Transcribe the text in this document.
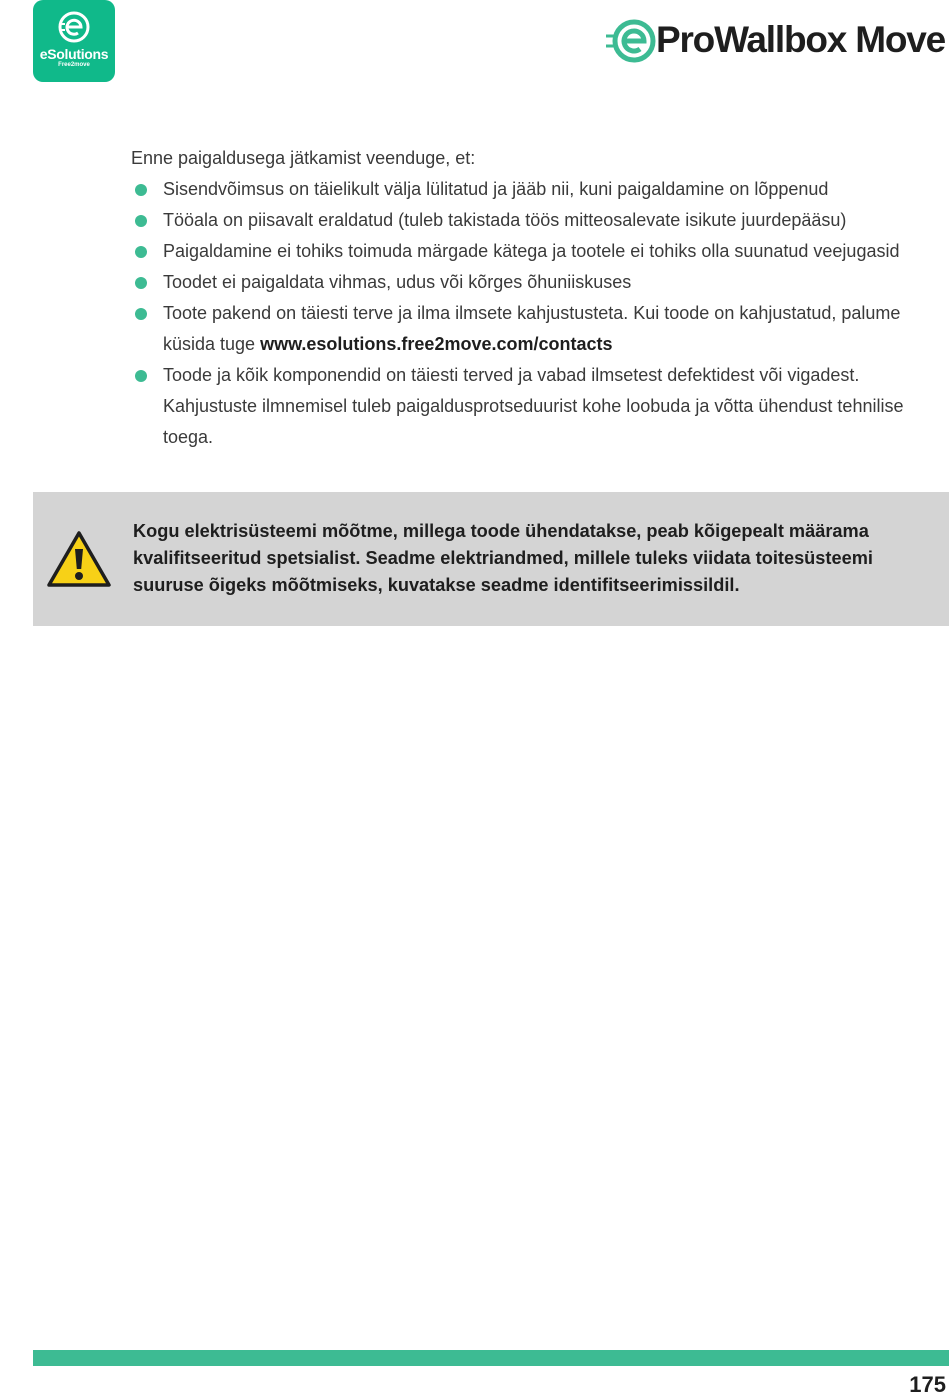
eSolutions
Free2move
ProWallbox Move

Enne paigaldusega jätkamist veenduge, et:

Sisendvõimsus on täielikult välja lülitatud ja jääb nii, kuni paigaldamine on lõppenud
Tööala on piisavalt eraldatud (tuleb takistada töös mitteosalevate isikute juurdepääsu)
Paigaldamine ei tohiks toimuda märgade kätega ja tootele ei tohiks olla suunatud veejugasid
Toodet ei paigaldata vihmas, udus või kõrges õhuniiskuses
Toote pakend on täiesti terve ja ilma ilmsete kahjustusteta. Kui toode on kahjustatud, palume küsida tuge www.esolutions.free2move.com/contacts
Toode ja kõik komponendid on täiesti terved ja vabad ilmsetest defektidest või vigadest. Kahjustuste ilmnemisel tuleb paigaldusprotseduurist kohe loobuda ja võtta ühendust tehnilise toega.
Kogu elektrisüsteemi mõõtme, millega toode ühendatakse, peab kõigepealt määrama kvalifitseeritud spetsialist. Seadme elektriandmed, millele tuleks viidata toitesüsteemi suuruse õigeks mõõtmiseks, kuvatakse seadme identifitseerimissildil.
175
